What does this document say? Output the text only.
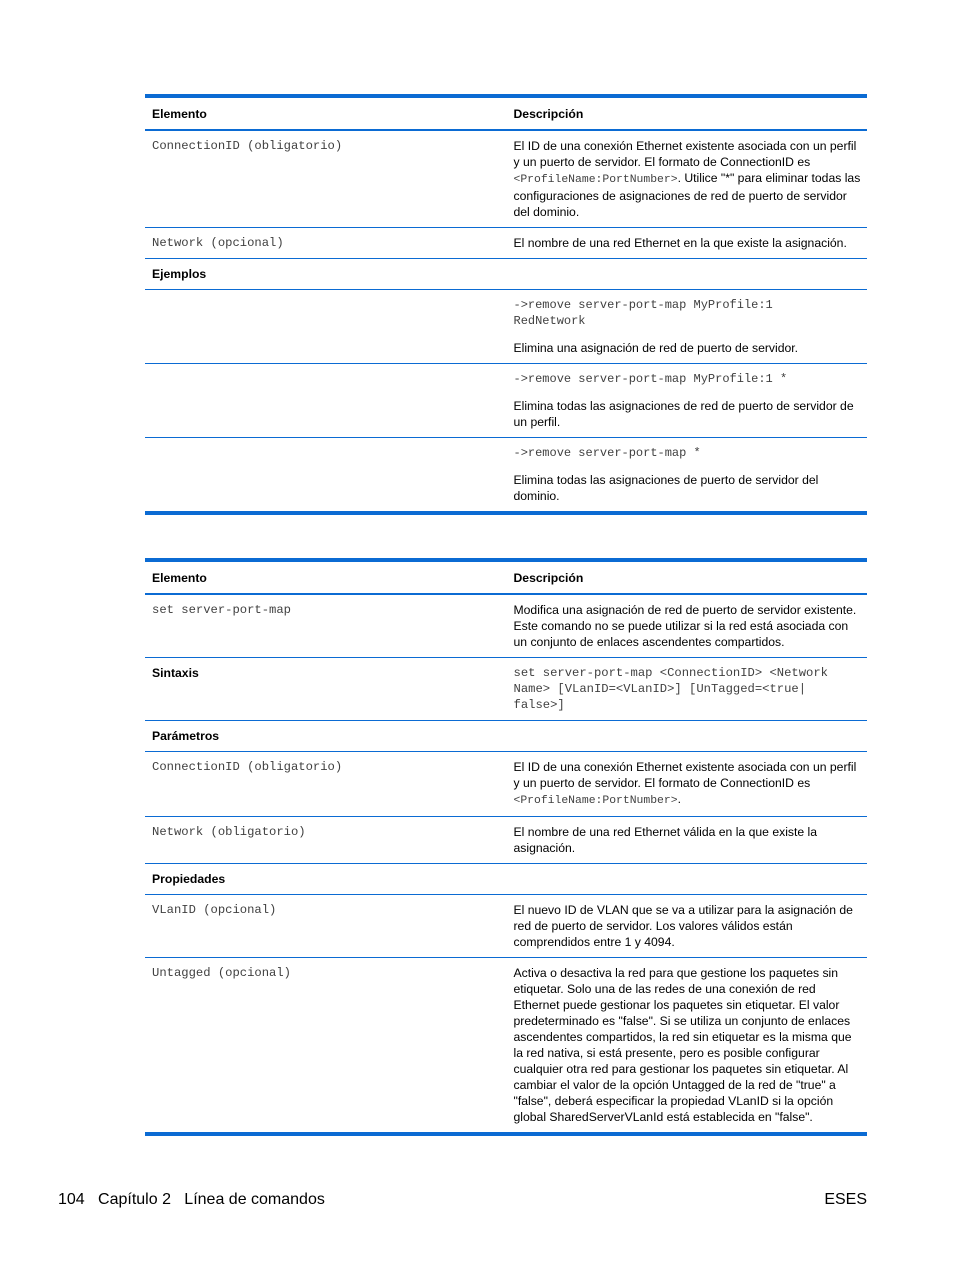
Elemento	Descripción
ConnectionID (obligatorio)	El ID de una conexión Ethernet existente asociada con un perfil y un puerto de servidor. El formato de ConnectionID es <ProfileName:PortNumber>. Utilice "*" para eliminar todas las configuraciones de asignaciones de red de puerto de servidor del dominio.
Network (opcional)	El nombre de una red Ethernet en la que existe la asignación.
Ejemplos	

	->remove server-port-map MyProfile:1
RedNetwork
Elimina una asignación de red de puerto de servidor.

	->remove server-port-map MyProfile:1 *
Elimina todas las asignaciones de red de puerto de servidor de un perfil.

	->remove server-port-map *
Elimina todas las asignaciones de puerto de servidor del dominio.
Elemento	Descripción
set server-port-map	Modifica una asignación de red de puerto de servidor existente. Este comando no se puede utilizar si la red está asociada con un conjunto de enlaces ascendentes compartidos.
Sintaxis	set server-port-map <ConnectionID> <Network
Name> [VLanID=<VLanID>] [UnTagged=<true|
false>]
Parámetros	
ConnectionID (obligatorio)	El ID de una conexión Ethernet existente asociada con un perfil y un puerto de servidor. El formato de ConnectionID es <ProfileName:PortNumber>.
Network (obligatorio)	El nombre de una red Ethernet válida en la que existe la asignación.
Propiedades	
VLanID (opcional)	El nuevo ID de VLAN que se va a utilizar para la asignación de red de puerto de servidor. Los valores válidos están comprendidos entre 1 y 4094.
Untagged (opcional)	Activa o desactiva la red para que gestione los paquetes sin etiquetar. Solo una de las redes de una conexión de red Ethernet puede gestionar los paquetes sin etiquetar. El valor predeterminado es "false". Si se utiliza un conjunto de enlaces ascendentes compartidos, la red sin etiquetar es la misma que la red nativa, si está presente, pero es posible configurar cualquier otra red para gestionar los paquetes sin etiquetar. Al cambiar el valor de la opción Untagged de la red de "true" a "false", deberá especificar la propiedad VLanID si la opción global SharedServerVLanId está establecida en "false".
104   Capítulo 2   Línea de comandos	ESES
